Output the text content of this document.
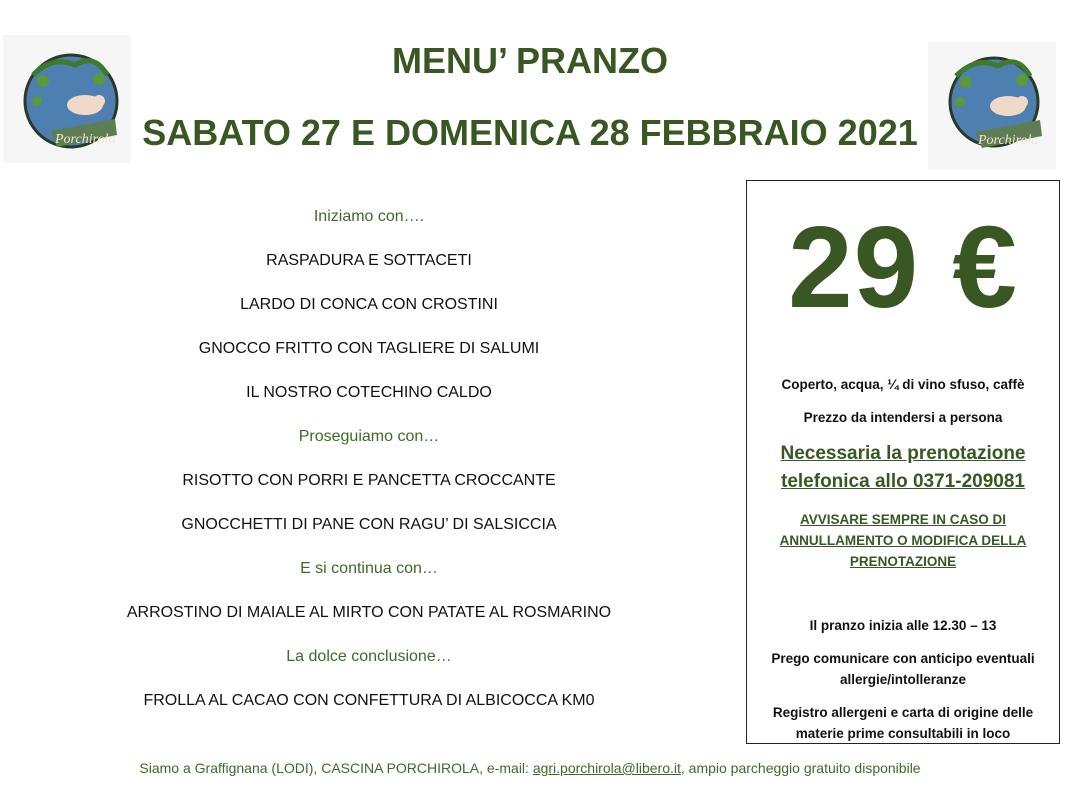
Porchirola	Porchirola
MENU’ PRANZO
SABATO 27 E DOMENICA 28 FEBBRAIO 2021
Iniziamo con….
RASPADURA E SOTTACETI
LARDO DI CONCA CON CROSTINI
GNOCCO FRITTO CON TAGLIERE DI SALUMI
IL NOSTRO COTECHINO CALDO
Proseguiamo con…
RISOTTO CON PORRI E PANCETTA CROCCANTE
GNOCCHETTI DI PANE CON RAGU’ DI SALSICCIA
E si continua con…
ARROSTINO DI MAIALE AL MIRTO CON PATATE AL ROSMARINO
La dolce conclusione…
FROLLA AL CACAO CON CONFETTURA DI ALBICOCCA KM0
29 €
Coperto, acqua, ¼ di vino sfuso, caffè
Prezzo da intendersi a persona
Necessaria la prenotazione
telefonica allo 0371-209081
AVVISARE SEMPRE IN CASO DI
ANNULLAMENTO O MODIFICA DELLA
PRENOTAZIONE
Il pranzo inizia alle 12.30 – 13
Prego comunicare con anticipo eventuali
allergie/intolleranze
Registro allergeni e carta di origine delle
materie prime consultabili in loco
Siamo a Graffignana (LODI), CASCINA PORCHIROLA, e-mail: agri.porchirola@libero.it, ampio parcheggio gratuito disponibile
